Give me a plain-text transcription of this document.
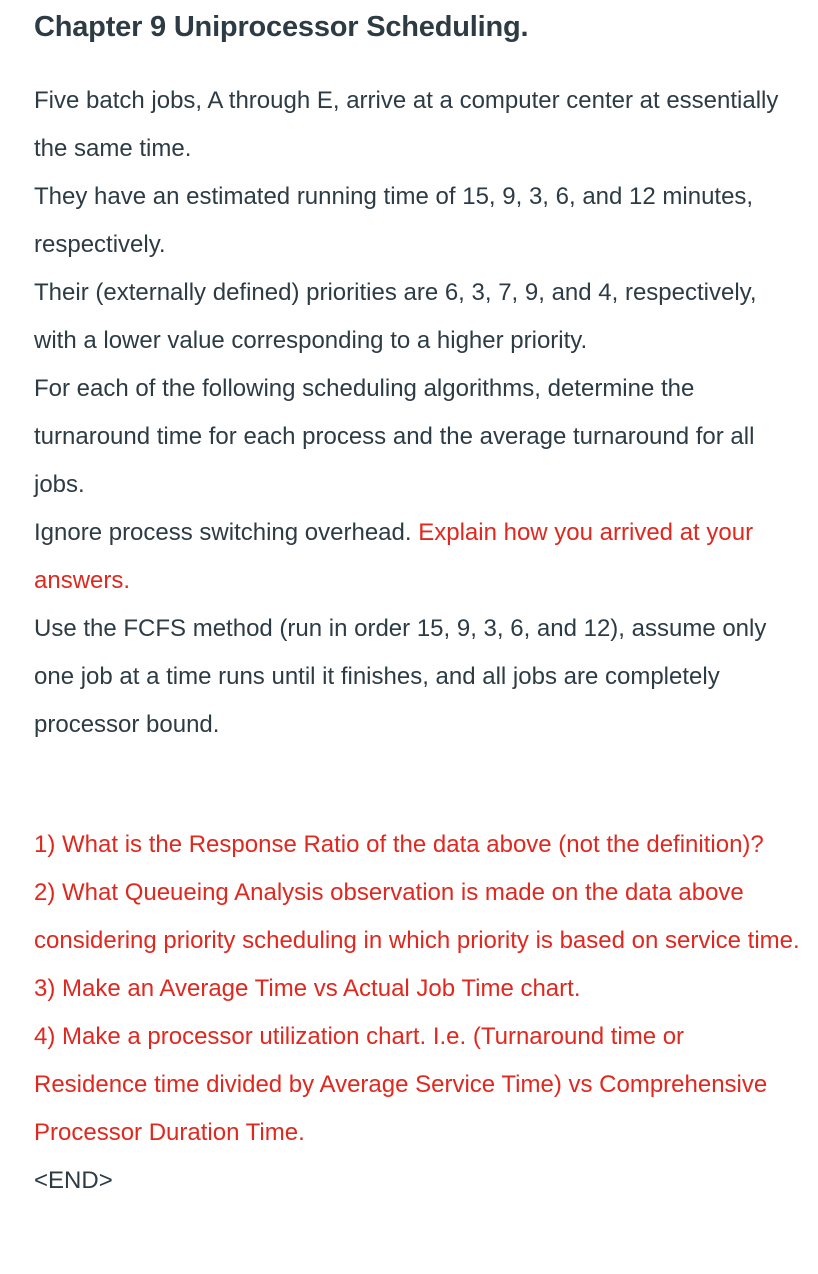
Chapter 9 Uniprocessor Scheduling.

Five batch jobs, A through E, arrive at a computer center at essentially the same time.

They have an estimated running time of 15, 9, 3, 6, and 12 minutes, respectively.

Their (externally defined) priorities are 6, 3, 7, 9, and 4, respectively, with a lower value corresponding to a higher priority.

For each of the following scheduling algorithms, determine the turnaround time for each process and the average turnaround for all jobs.

Ignore process switching overhead. Explain how you arrived at your answers.

Use the FCFS method (run in order 15, 9, 3, 6, and 12), assume only one job at a time runs until it finishes, and all jobs are completely processor bound.

1) What is the Response Ratio of the data above (not the definition)?

2) What Queueing Analysis observation is made on the data above considering priority scheduling in which priority is based on service time.

3) Make an Average Time vs Actual Job Time chart.

4) Make a processor utilization chart. I.e. (Turnaround time or Residence time divided by Average Service Time) vs Comprehensive Processor Duration Time.

<END>
